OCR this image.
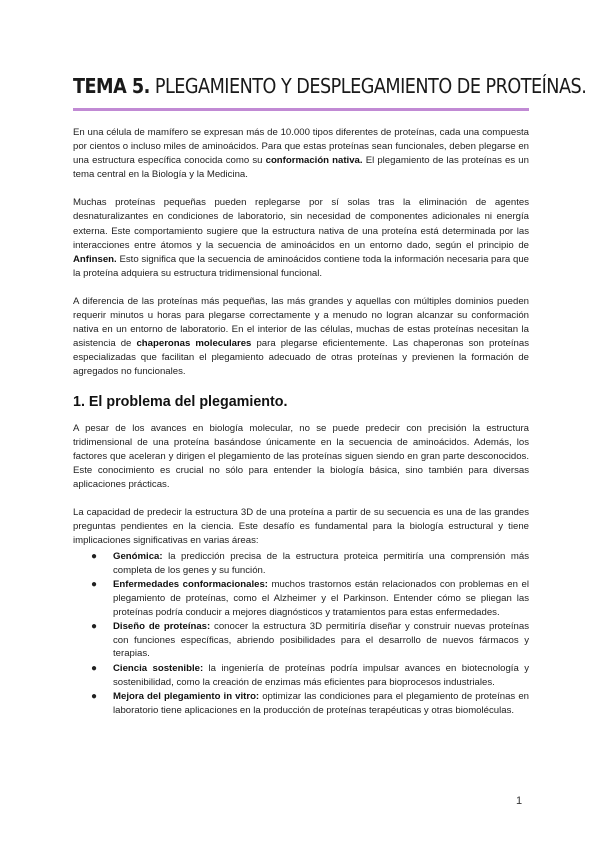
TEMA 5. PLEGAMIENTO Y DESPLEGAMIENTO DE PROTEÍNAS.

En una célula de mamífero se expresan más de 10.000 tipos diferentes de proteínas, cada una compuesta por cientos o incluso miles de aminoácidos. Para que estas proteínas sean funcionales, deben plegarse en una estructura específica conocida como su conformación nativa. El plegamiento de las proteínas es un tema central en la Biología y la Medicina.

Muchas proteínas pequeñas pueden replegarse por sí solas tras la eliminación de agentes desnaturalizantes en condiciones de laboratorio, sin necesidad de componentes adicionales ni energía externa. Este comportamiento sugiere que la estructura nativa de una proteína está determinada por las interacciones entre átomos y la secuencia de aminoácidos en un entorno dado, según el principio de Anfinsen. Esto significa que la secuencia de aminoácidos contiene toda la información necesaria para que la proteína adquiera su estructura tridimensional funcional.

A diferencia de las proteínas más pequeñas, las más grandes y aquellas con múltiples dominios pueden requerir minutos u horas para plegarse correctamente y a menudo no logran alcanzar su conformación nativa en un entorno de laboratorio. En el interior de las células, muchas de estas proteínas necesitan la asistencia de chaperonas moleculares para plegarse eficientemente. Las chaperonas son proteínas especializadas que facilitan el plegamiento adecuado de otras proteínas y previenen la formación de agregados no funcionales.

1. El problema del plegamiento.

A pesar de los avances en biología molecular, no se puede predecir con precisión la estructura tridimensional de una proteína basándose únicamente en la secuencia de aminoácidos. Además, los factores que aceleran y dirigen el plegamiento de las proteínas siguen siendo en gran parte desconocidos. Este conocimiento es crucial no sólo para entender la biología básica, sino también para diversas aplicaciones prácticas.

La capacidad de predecir la estructura 3D de una proteína a partir de su secuencia es una de las grandes preguntas pendientes en la ciencia. Este desafío es fundamental para la biología estructural y tiene implicaciones significativas en varias áreas:

● Genómica: la predicción precisa de la estructura proteica permitiría una comprensión más completa de los genes y su función.
● Enfermedades conformacionales: muchos trastornos están relacionados con problemas en el plegamiento de proteínas, como el Alzheimer y el Parkinson. Entender cómo se pliegan las proteínas podría conducir a mejores diagnósticos y tratamientos para estas enfermedades.
● Diseño de proteínas: conocer la estructura 3D permitiría diseñar y construir nuevas proteínas con funciones específicas, abriendo posibilidades para el desarrollo de nuevos fármacos y terapias.
● Ciencia sostenible: la ingeniería de proteínas podría impulsar avances en biotecnología y sostenibilidad, como la creación de enzimas más eficientes para bioprocesos industriales.
● Mejora del plegamiento in vitro: optimizar las condiciones para el plegamiento de proteínas en laboratorio tiene aplicaciones en la producción de proteínas terapéuticas y otras biomoléculas.
1
